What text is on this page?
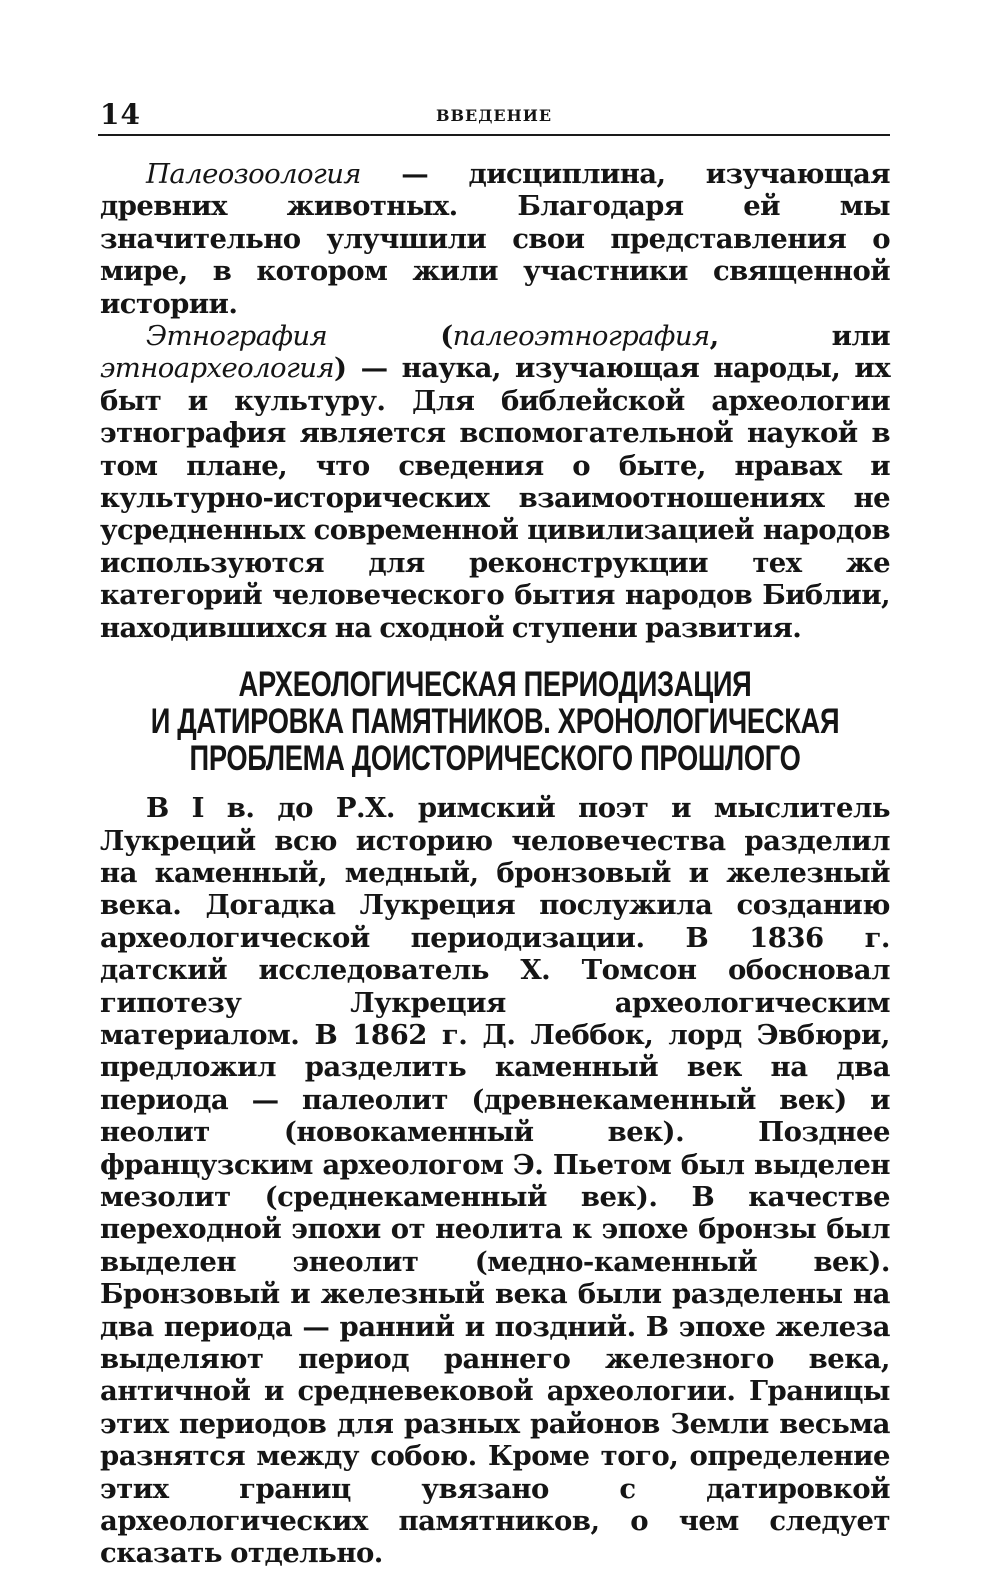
14	ВВЕДЕНИЕ

Палеозоология — дисциплина, изучающая древних животных. Благодаря ей мы значительно улучшили свои представления о мире, в котором жили участники священной истории.

Этнография (палеоэтнография, или этноархеология) — наука, изучающая народы, их быт и культуру. Для библейской археологии этнография является вспомогательной наукой в том плане, что сведения о быте, нравах и культурно-исторических взаимоотношениях не усредненных современной цивилизацией народов используются для реконструкции тех же категорий человеческого бытия народов Библии, находившихся на сходной ступени развития.

АРХЕОЛОГИЧЕСКАЯ ПЕРИОДИЗАЦИЯ
И ДАТИРОВКА ПАМЯТНИКОВ. ХРОНОЛОГИЧЕСКАЯ
ПРОБЛЕМА ДОИСТОРИЧЕСКОГО ПРОШЛОГО

В I в. до Р.Х. римский поэт и мыслитель Лукреций всю историю человечества разделил на каменный, медный, бронзовый и железный века. Догадка Лукреция послужила созданию археологической периодизации. В 1836 г. датский исследователь Х. Томсон обосновал гипотезу Лукреция археологическим материалом. В 1862 г. Д. Леббок, лорд Эвбюри, предложил разделить каменный век на два периода — палеолит (древнекаменный век) и неолит (новокаменный век). Позднее французским археологом Э. Пьетом был выделен мезолит (среднекаменный век). В качестве переходной эпохи от неолита к эпохе бронзы был выделен энеолит (медно-каменный век). Бронзовый и железный века были разделены на два периода — ранний и поздний. В эпохе железа выделяют период раннего железного века, античной и средневековой археологии. Границы этих периодов для разных районов Земли весьма разнятся между собою. Кроме того, определение этих границ увязано с датировкой археологических памятников, о чем следует сказать отдельно.
